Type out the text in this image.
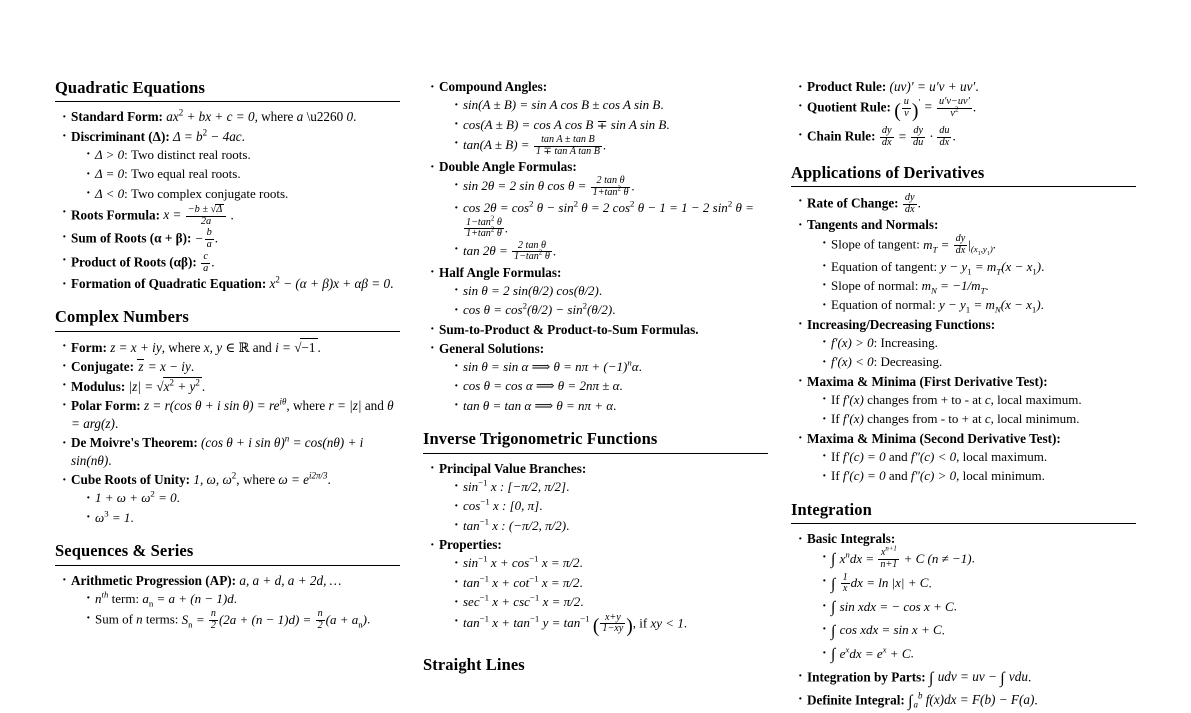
Quadratic Equations
· Standard Form: $ax^2$ + bx + c = 0, where a \u2260 0.
· Discriminant (Δ): $\Delta = b^2 - 4ac$.
· Δ > 0: Two distinct real roots.
· Δ = 0: Two equal real roots.
· Δ < 0: Two complex conjugate roots.
· Roots Formula: $x = \frac{-b \pm √\Delta}{2a}$ .
· Sum of Roots (α + β): − $\frac{b}{a}$ .
· Product of Roots (αβ): $\frac{c}{a}$ .
· Formation of Quadratic Equation: $x^2 - (\alpha + \beta)x + \alpha\beta = 0$.
Complex Numbers
· Form: z = x + iy, where x, y ∈ ℝ and i = √−1 .
· Conjugate: z = x − iy.
· Modulus: $|z| = √x^2 + y^2$ .
· Polar Form: z = r(cos θ + i $\sin \theta) = re^{i\theta}$, where r = |z| and θ = arg(z).
· De Moivre's Theorem: (cos θ + i sin θ)$^n$ = cos(nθ) + i sin(nθ).
· Cube Roots of Unity: 1, ω, $\omega^2$, where $\omega = e^{i2\pi/3}$.
· $1 + \omega + \omega^2 = 0$.
· $\omega^3 = 1$.
Sequences & Series
· Arithmetic Progression (AP): a, a + d, a + 2d, …
· $n^{th}$ term: $a_n = a + (n - 1)d$.
· Sum of n terms: $S_n = \frac{n}{2} (2a + (n - 1)d) = \frac{n}{2} (a + a_n)$.
· Compound Angles:
· sin(A ± B) = sin A cos B ± cos A sin B.
· cos(A ± B) = cos A cos B ∓ sin A sin B.
· $\tan(A \pm B) = \frac{\text{tan A ± tan B}}{\text{1 ∓ tan A tan B}}$ .
· Double Angle Formulas:
· sin 2θ = 2 sin θ $\cos \theta = \frac{\text{2 tan θ}}{1+\tan^2 \theta}$ .
· $\cos 2\theta = \cos^2 \theta - \sin^2 \theta = 2$ $\cos^2 \theta - 1 = 1 - 2$ $\sin^2 \theta$ =
$\frac{1-\tan^2 \theta}{1+\tan^2 \theta}$ .
· $\tan 2\theta = \frac{\text{2 tan θ}}{1-\tan^2 \theta}$ .
· Half Angle Formulas:
· sin θ = 2 sin(θ/2) cos(θ/2).
· $\cos \theta = \cos^2(\theta/2) - \sin^2(\theta/2)$.
· Sum-to-Product & Product-to-Sum Formulas.
· General Solutions:
· sin θ = sin α ⟹ $\theta = n\pi + (-1)^n\alpha$.
· cos θ = cos α ⟹ θ = 2nπ ± α.
· tan θ = tan α ⟹ θ = nπ + α.
Inverse Trigonometric Functions
· Principal Value Branches:
· $\sin^{-1} x$ : [−π/2, π/2].
· $\cos^{-1} x$ : [0, π].
· $\tan^{-1} x$ : (−π/2, π/2).
· Properties:
· $\sin^{-1} x + \cos^{-1} x = \pi/2$.
· $\tan^{-1} x + \cot^{-1} x = \pi/2$.
· $\sec^{-1} x + \csc^{-1} x = \pi/2$.
· $\tan^{-1} x + \tan^{-1} y = \tan^{-1}$ ( $\frac{x+y}{1-xy}$ ), if xy < 1.
Straight Lines
· Product Rule: (uv)′ = u′v + uv′.
· Quotient Rule: ( $\frac{u}{v} )' = \frac{u'v-uv'}{v^2}$ .
· Chain Rule: $\frac{dy}{dx} = \frac{dy}{du} \cdot \frac{du}{dx}$ .
Applications of Derivatives
· Rate of Change: $\frac{dy}{dx}$ .
· Tangents and Normals:
· Slope of tangent: $m_T = \frac{dy}{dx} |_{(x_1,y_1)}$.
· Equation of tangent: $y - y_1 = m_T(x - x_1)$.
· Slope of normal: $m_N = -1/m_T$.
· Equation of normal: $y - y_1 = m_N(x - x_1)$.
· Increasing/Decreasing Functions:
· f′(x) > 0: Increasing.
· f′(x) < 0: Decreasing.
· Maxima & Minima (First Derivative Test):
· If f′(x) changes from + to - at c, local maximum.
· If f′(x) changes from - to + at c, local minimum.
· Maxima & Minima (Second Derivative Test):
· If f′(c) = 0 and f″(c) < 0, local maximum.
· If f′(c) = 0 and f″(c) > 0, local minimum.
Integration
· Basic Integrals:
· ∫ $x^ndx = \frac{x^{n+1}}{n+1} + C$ (n ≠ −1).
· ∫ $\frac{1}{x}$ dx = ln |x| + C.
· ∫ sin xdx = − cos x + C.
· ∫ cos xdx = sin x + C.
· ∫ $e^xdx = e^x + C$.
· Integration by Parts: ∫ udv = uv − ∫ vdu.
· Definite Integral: $\int_a^b$ f(x)dx = F(b) − F(a).
